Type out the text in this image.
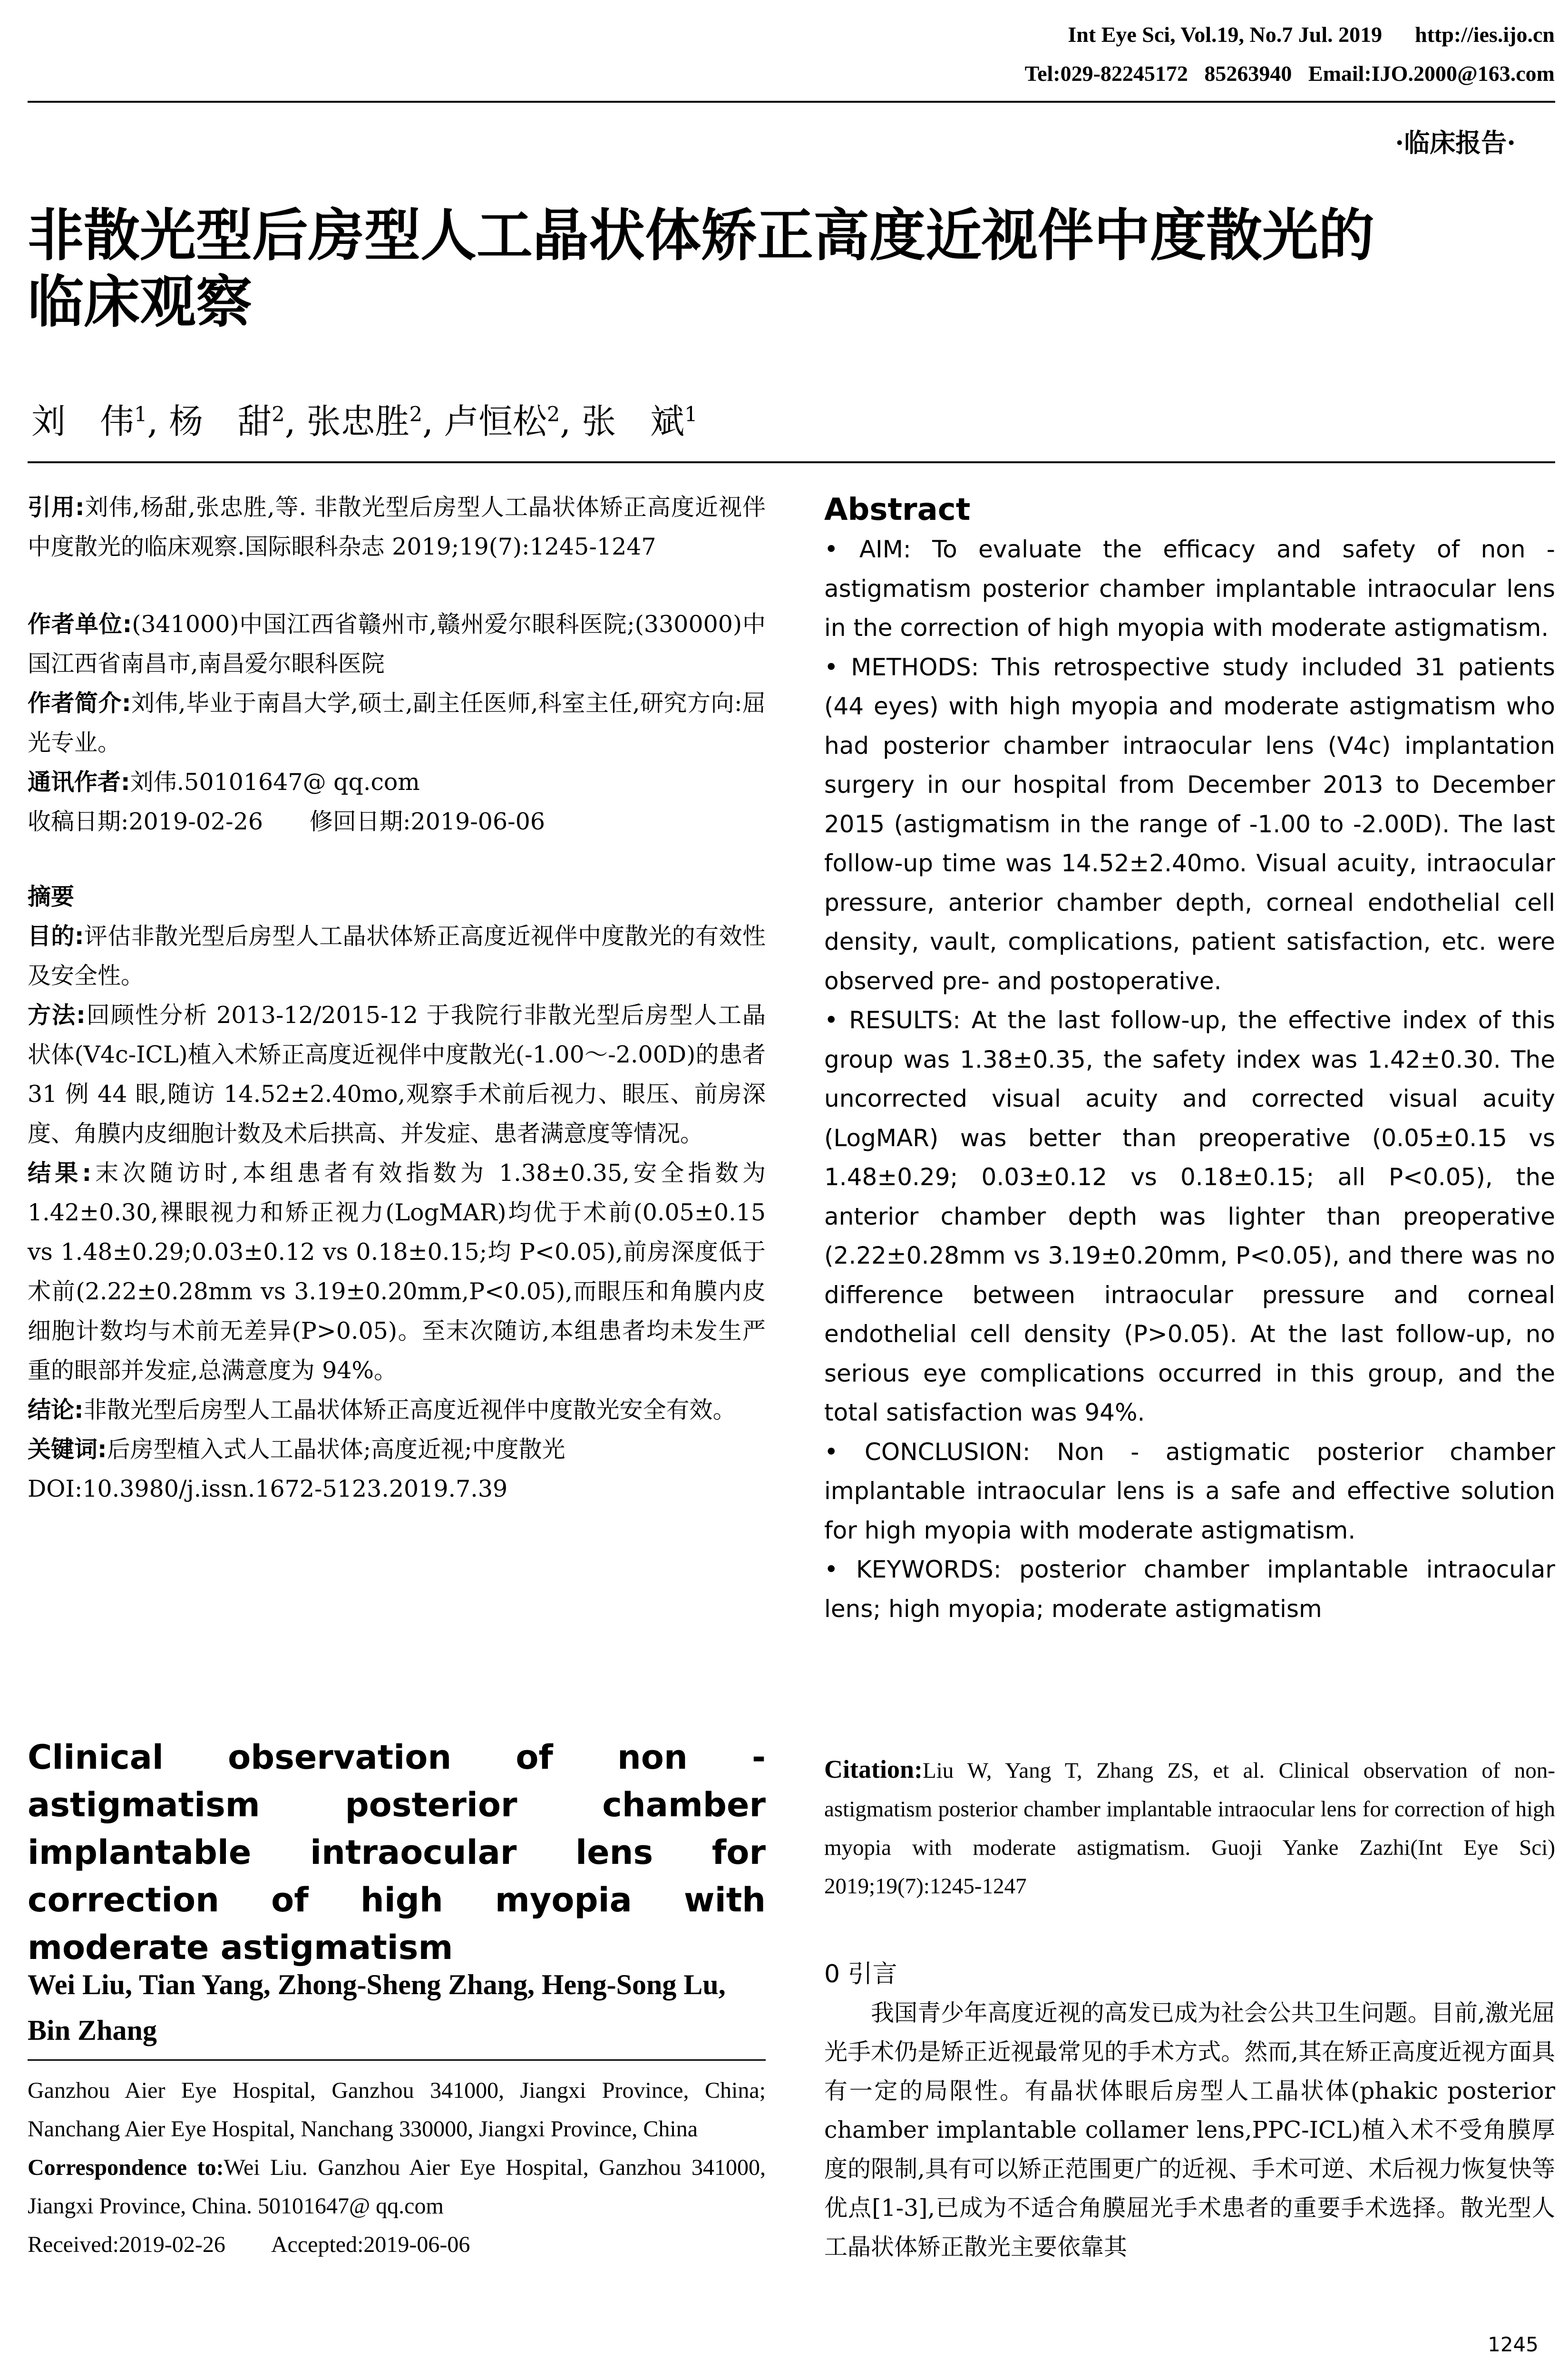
Int Eye Sci, Vol.19, No.7 Jul. 2019      http://ies.ijo.cn
Tel:029-82245172   85263940   Email:IJO.2000@163.com
·临床报告·
非散光型后房型人工晶状体矫正高度近视伴中度散光的
临床观察
刘　伟$^1$, 杨　甜$^2$, 张忠胜$^2$, 卢恒松$^2$, 张　斌$^1$

引用:刘伟,杨甜,张忠胜,等. 非散光型后房型人工晶状体矫正高度近视伴中度散光的临床观察.国际眼科杂志 2019;19(7):1245-1247

作者单位:(341000)中国江西省赣州市,赣州爱尔眼科医院;(330000)中国江西省南昌市,南昌爱尔眼科医院

作者简介:刘伟,毕业于南昌大学,硕士,副主任医师,科室主任,研究方向:屈光专业。

通讯作者:刘伟.50101647@ qq.com

收稿日期:2019-02-26　　修回日期:2019-06-06

摘要

目的:评估非散光型后房型人工晶状体矫正高度近视伴中度散光的有效性及安全性。

方法:回顾性分析 2013-12/2015-12 于我院行非散光型后房型人工晶状体(V4c-ICL)植入术矫正高度近视伴中度散光(-1.00～-2.00D)的患者 31 例 44 眼,随访 14.52±2.40mo,观察手术前后视力、眼压、前房深度、角膜内皮细胞计数及术后拱高、并发症、患者满意度等情况。

结果:末次随访时,本组患者有效指数为 1.38±0.35,安全指数为 1.42±0.30,裸眼视力和矫正视力(LogMAR)均优于术前(0.05±0.15 vs 1.48±0.29;0.03±0.12 vs 0.18±0.15;均 P<0.05),前房深度低于术前(2.22±0.28mm vs 3.19±0.20mm,P<0.05),而眼压和角膜内皮细胞计数均与术前无差异(P>0.05)。至末次随访,本组患者均未发生严重的眼部并发症,总满意度为 94%。

结论:非散光型后房型人工晶状体矫正高度近视伴中度散光安全有效。

关键词:后房型植入式人工晶状体;高度近视;中度散光

DOI:10.3980/j.issn.1672-5123.2019.7.39

Clinical observation of non - astigmatism posterior chamber implantable intraocular lens for correction of high myopia with moderate astigmatism
Wei Liu, Tian Yang, Zhong-Sheng Zhang, Heng-Song Lu, Bin Zhang

Ganzhou Aier Eye Hospital, Ganzhou 341000, Jiangxi Province, China; Nanchang Aier Eye Hospital, Nanchang 330000, Jiangxi Province, China

Correspondence to:Wei Liu. Ganzhou Aier Eye Hospital, Ganzhou 341000, Jiangxi Province, China. 50101647@ qq.com

Received:2019-02-26　　Accepted:2019-06-06

Abstract

• AIM: To evaluate the efficacy and safety of non - astigmatism posterior chamber implantable intraocular lens in the correction of high myopia with moderate astigmatism.

• METHODS: This retrospective study included 31 patients (44 eyes) with high myopia and moderate astigmatism who had posterior chamber intraocular lens (V4c) implantation surgery in our hospital from December 2013 to December 2015 (astigmatism in the range of -1.00 to -2.00D). The last follow-up time was 14.52±2.40mo. Visual acuity, intraocular pressure, anterior chamber depth, corneal endothelial cell density, vault, complications, patient satisfaction, etc. were observed pre- and postoperative.

• RESULTS: At the last follow-up, the effective index of this group was 1.38±0.35, the safety index was 1.42±0.30. The uncorrected visual acuity and corrected visual acuity (LogMAR) was better than preoperative (0.05±0.15 vs 1.48±0.29; 0.03±0.12 vs 0.18±0.15; all P<0.05), the anterior chamber depth was lighter than preoperative (2.22±0.28mm vs 3.19±0.20mm, P<0.05), and there was no difference between intraocular pressure and corneal endothelial cell density (P>0.05). At the last follow-up, no serious eye complications occurred in this group, and the total satisfaction was 94%.

• CONCLUSION: Non - astigmatic posterior chamber implantable intraocular lens is a safe and effective solution for high myopia with moderate astigmatism.

• KEYWORDS: posterior chamber implantable intraocular lens; high myopia; moderate astigmatism

Citation:Liu W, Yang T, Zhang ZS, et al. Clinical observation of non-astigmatism posterior chamber implantable intraocular lens for correction of high myopia with moderate astigmatism. Guoji Yanke Zazhi(Int Eye Sci) 2019;19(7):1245-1247

0 引言

我国青少年高度近视的高发已成为社会公共卫生问题。目前,激光屈光手术仍是矫正近视最常见的手术方式。然而,其在矫正高度近视方面具有一定的局限性。有晶状体眼后房型人工晶状体(phakic posterior chamber implantable collamer lens,PPC-ICL)植入术不受角膜厚度的限制,具有可以矫正范围更广的近视、手术可逆、术后视力恢复快等优点[1-3],已成为不适合角膜屈光手术患者的重要手术选择。散光型人工晶状体矫正散光主要依靠其

1245
